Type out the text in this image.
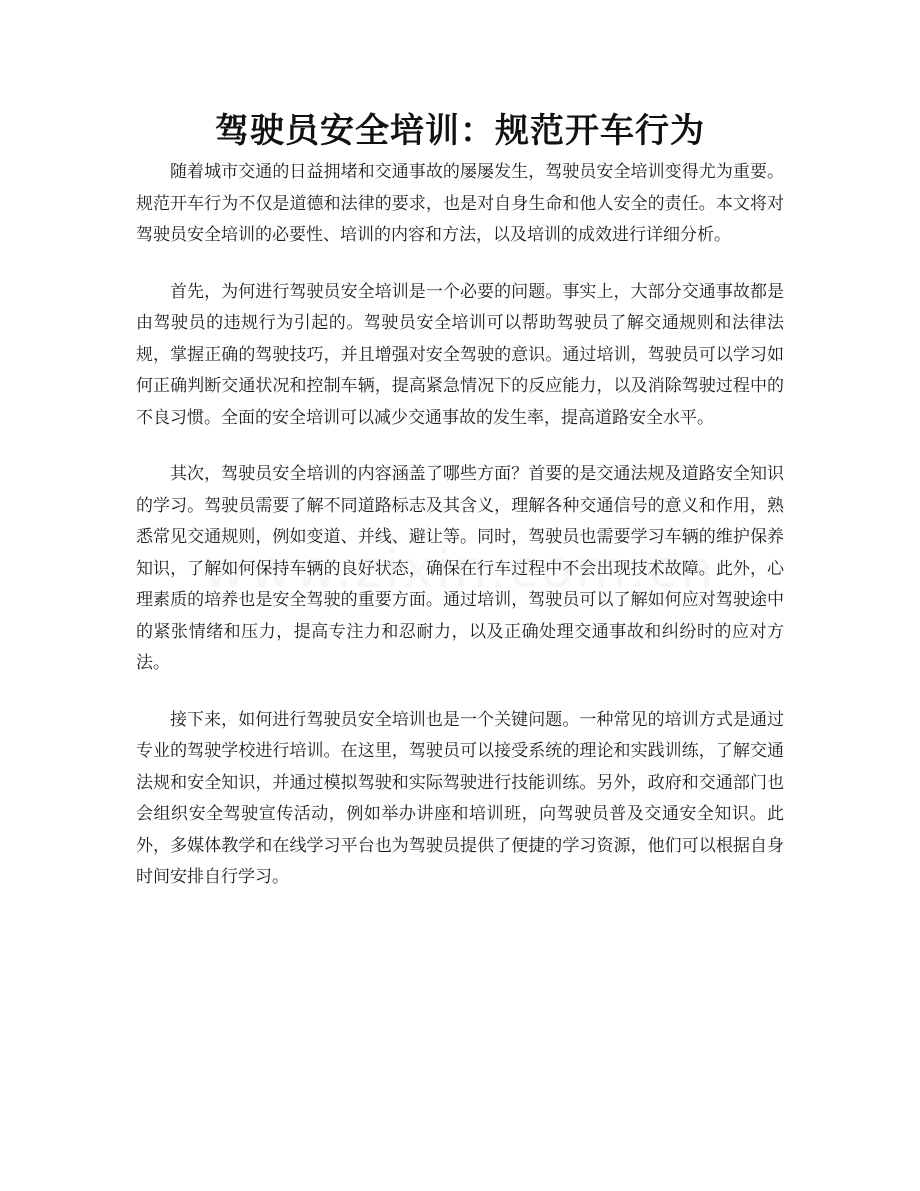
驾驶员安全培训：规范开车行为

随着城市交通的日益拥堵和交通事故的屡屡发生，驾驶员安全培训变得尤为重要。规范开车行为不仅是道德和法律的要求，也是对自身生命和他人安全的责任。本文将对驾驶员安全培训的必要性、培训的内容和方法，以及培训的成效进行详细分析。

首先，为何进行驾驶员安全培训是一个必要的问题。事实上，大部分交通事故都是由驾驶员的违规行为引起的。驾驶员安全培训可以帮助驾驶员了解交通规则和法律法规，掌握正确的驾驶技巧，并且增强对安全驾驶的意识。通过培训，驾驶员可以学习如何正确判断交通状况和控制车辆，提高紧急情况下的反应能力，以及消除驾驶过程中的不良习惯。全面的安全培训可以减少交通事故的发生率，提高道路安全水平。

其次，驾驶员安全培训的内容涵盖了哪些方面？首要的是交通法规及道路安全知识的学习。驾驶员需要了解不同道路标志及其含义，理解各种交通信号的意义和作用，熟悉常见交通规则，例如变道、并线、避让等。同时，驾驶员也需要学习车辆的维护保养知识，了解如何保持车辆的良好状态，确保在行车过程中不会出现技术故障。此外，心理素质的培养也是安全驾驶的重要方面。通过培训，驾驶员可以了解如何应对驾驶途中的紧张情绪和压力，提高专注力和忍耐力，以及正确处理交通事故和纠纷时的应对方法。

接下来，如何进行驾驶员安全培训也是一个关键问题。一种常见的培训方式是通过专业的驾驶学校进行培训。在这里，驾驶员可以接受系统的理论和实践训练，了解交通法规和安全知识，并通过模拟驾驶和实际驾驶进行技能训练。另外，政府和交通部门也会组织安全驾驶宣传活动，例如举办讲座和培训班，向驾驶员普及交通安全知识。此外，多媒体教学和在线学习平台也为驾驶员提供了便捷的学习资源，他们可以根据自身时间安排自行学习。
